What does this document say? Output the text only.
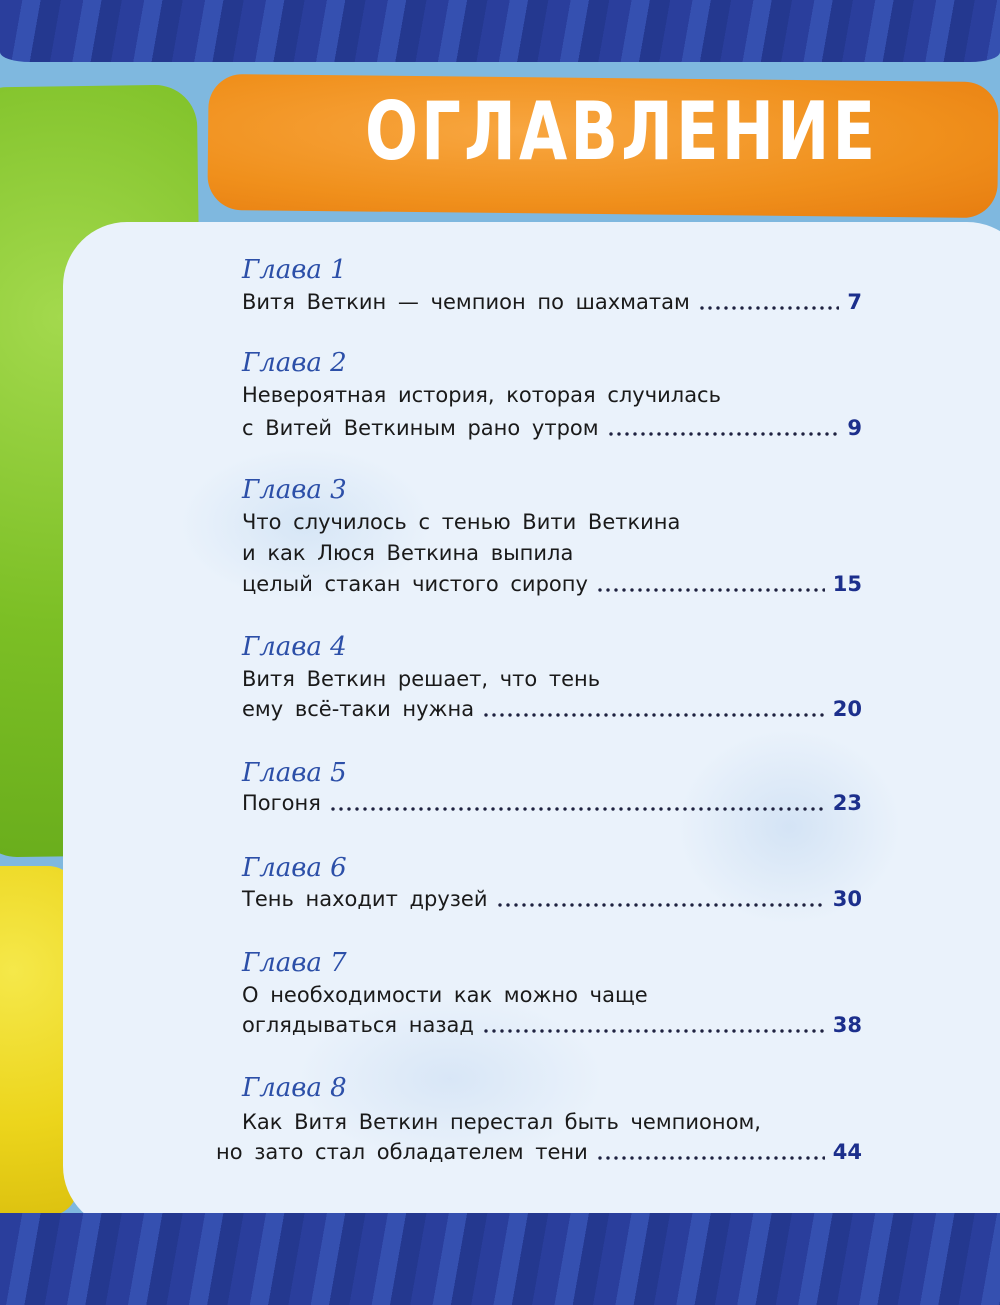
ОГЛАВЛЕНИЕ
Глава 1
Витя Веткин — чемпион по шахматам	7
Глава 2
Невероятная история, которая случилась
с Витей Веткиным рано утром	9
Глава 3
Что случилось с тенью Вити Веткина
и как Люся Веткина выпила
целый стакан чистого сиропу	15
Глава 4
Витя Веткин решает, что тень
ему всё-таки нужна	20
Глава 5
Погоня	23
Глава 6
Тень находит друзей	30
Глава 7
О необходимости как можно чаще
оглядываться назад	38
Глава 8
Как Витя Веткин перестал быть чемпионом,
но зато стал обладателем тени	44
